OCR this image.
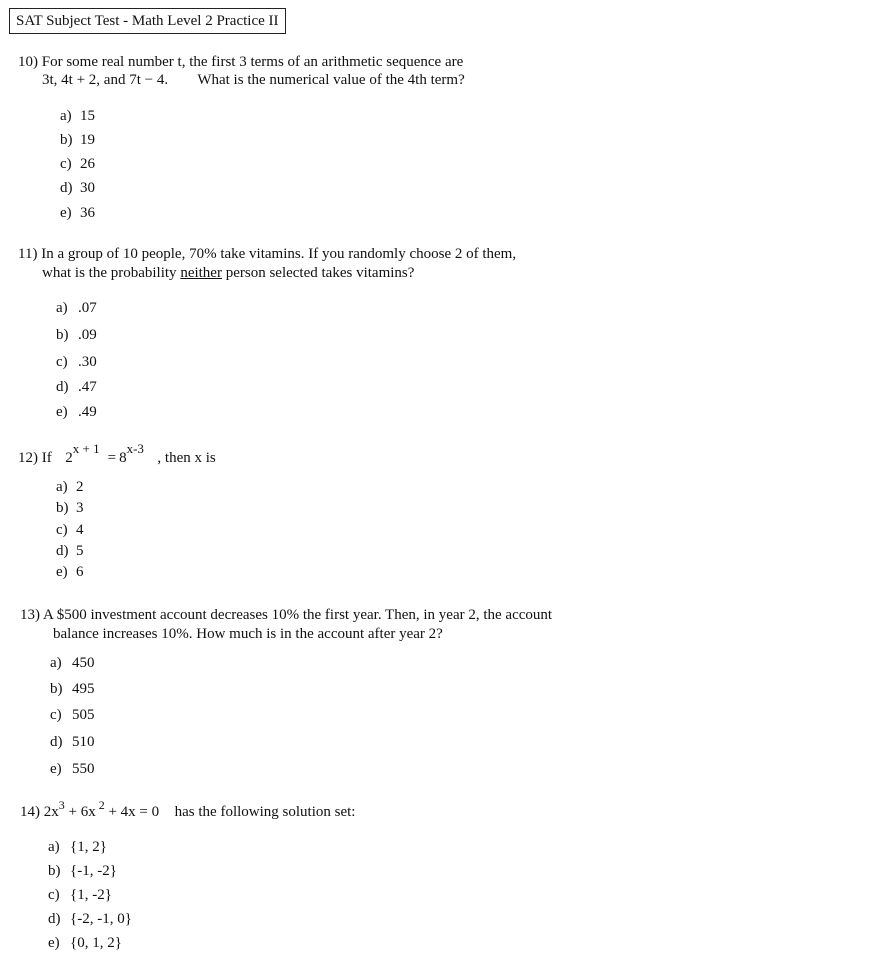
SAT Subject Test - Math Level 2 Practice II
10) For some real number t, the first 3 terms of an arithmetic sequence are
3t, 4t + 2, and 7t − 4. What is the numerical value of the 4th term?
a) 15
b) 19
c) 26
d) 30
e) 36
11) In a group of 10 people, 70% take vitamins. If you randomly choose 2 of them,
what is the probability neither person selected takes vitamins?
a) .07
b) .09
c) .30
d) .47
e) .49
12) If 2x + 1= 8x-3  , then x is
a) 2
b) 3
c) 4
d) 5
e) 6
13) A $500 investment account decreases 10% the first year. Then, in year 2, the account
balance increases 10%. How much is in the account after year 2?
a) 450
b) 495
c) 505
d) 510
e) 550
14) $2x^3 + 6x$ $^2$ + 4x = 0 has the following solution set:
a) {1, 2}
b) {-1, -2}
c) {1, -2}
d) {-2, -1, 0}
e) {0, 1, 2}
